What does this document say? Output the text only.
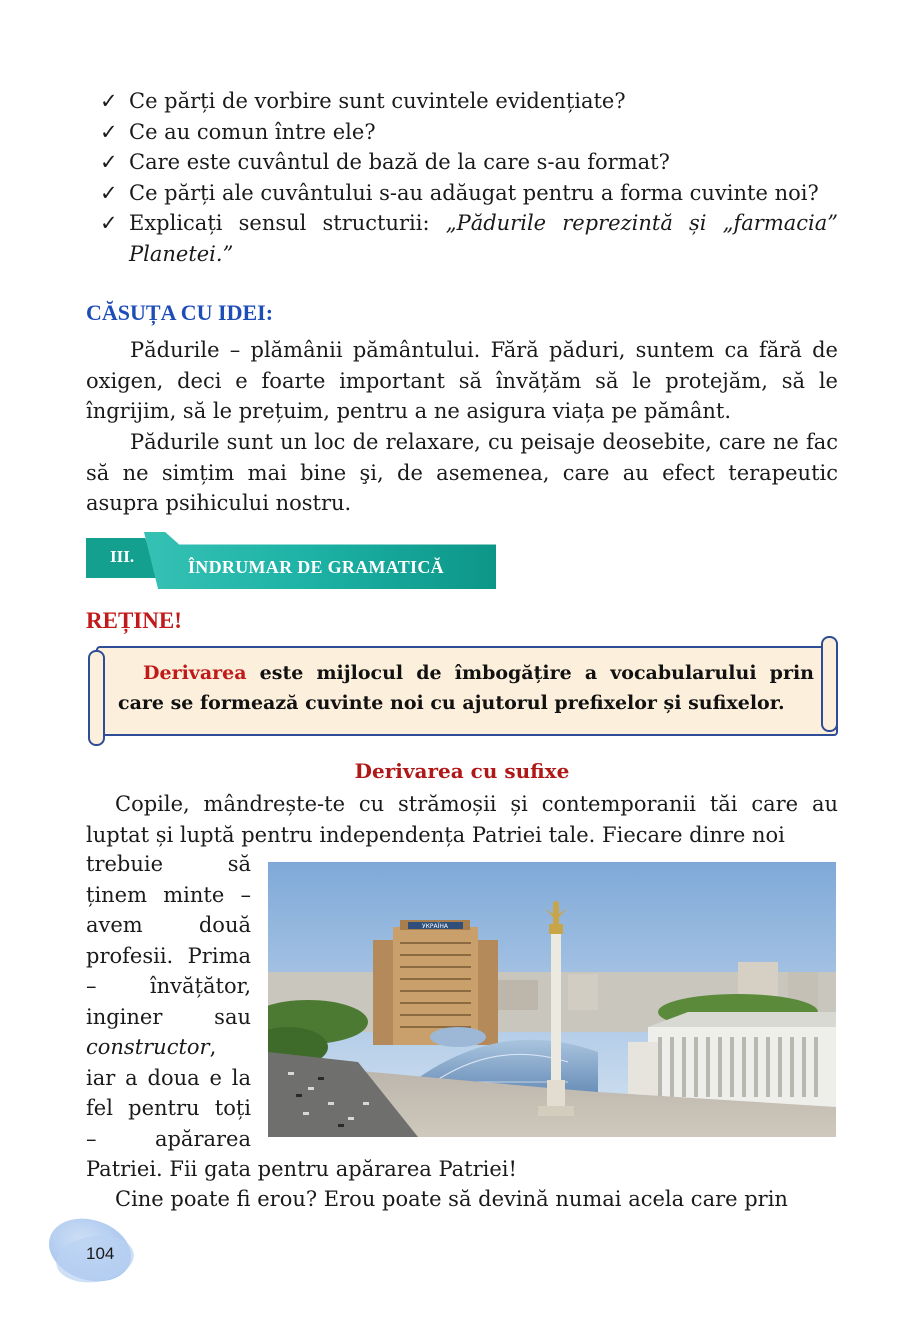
✓ Ce părți de vorbire sunt cuvintele evidențiate?
✓ Ce au comun între ele?
✓ Care este cuvântul de bază de la care s-au format?
✓ Ce părți ale cuvântului s-au adăugat pentru a forma cuvinte noi?
✓ Explicați sensul structurii: „Pădurile reprezintă și „farmacia” Planetei.”
CĂSUȚA CU IDEI:

Pădurile – plămânii pământului. Fără păduri, suntem ca fără de oxigen, deci e foarte important să învățăm să le protejăm, să le îngrijim, să le prețuim, pentru a ne asigura viața pe pământ.

Pădurile sunt un loc de relaxare, cu peisaje deosebite, care ne fac să ne simțim mai bine şi, de asemenea, care au efect terapeutic asupra psihicului nostru.

III.
ÎNDRUMAR DE GRAMATICĂ
REȚINE!
Derivarea este mijlocul de îmbogățire a vocabularului prin care se formează cuvinte noi cu ajutorul prefixelor și sufixelor.
Derivarea cu sufixe

Copile, mândrește-te cu strămoșii și contemporanii tăi care au luptat și luptă pentru independența Patriei tale. Fiecare dinre noi

trebuie să
ținem minte –
avem două
profesii. Prima
– învățător,
inginer sau
constructor,
iar a doua e la
fel pentru toți
– apărarea
УКРАЇНА

Patriei. Fii gata pentru apărarea Patriei!

Cine poate fi erou? Erou poate să devină numai acela care prin

104
